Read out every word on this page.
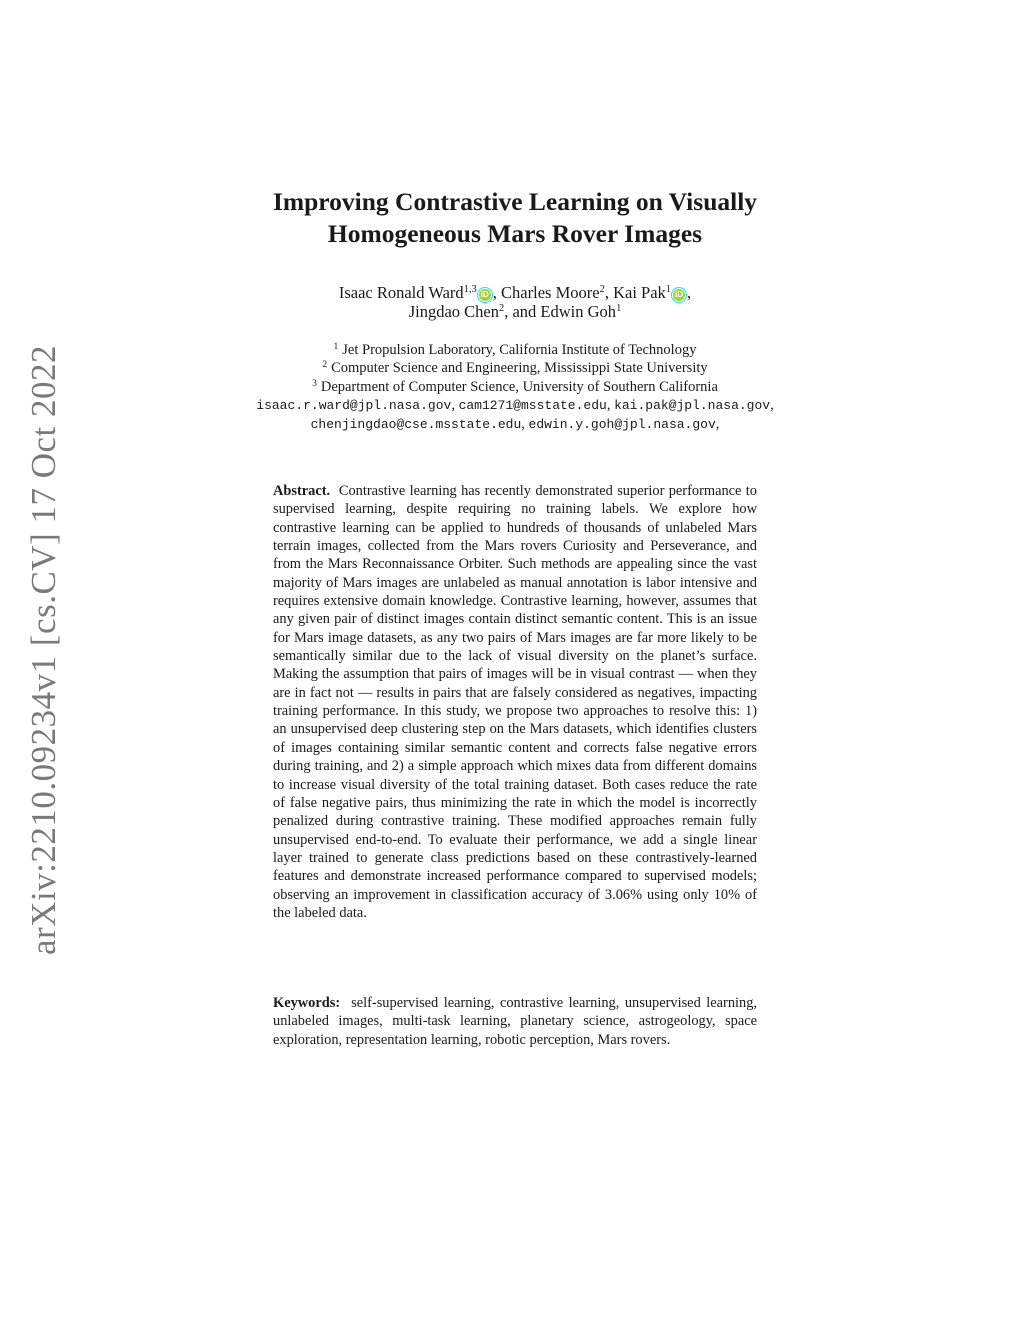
arXiv:2210.09234v1 [cs.CV] 17 Oct 2022
Improving Contrastive Learning on Visually
Homogeneous Mars Rover Images
Isaac Ronald Ward$^{1,3}$ iD , Charles Moore$^2$, Kai Pak$^1$ iD ,
Jingdao Chen$^2$, and Edwin Goh$^1$
$^1$ Jet Propulsion Laboratory, California Institute of Technology
$^2$ Computer Science and Engineering, Mississippi State University
$^3$ Department of Computer Science, University of Southern California
isaac.r.ward@jpl.nasa.gov, cam1271@msstate.edu, kai.pak@jpl.nasa.gov,
chenjingdao@cse.msstate.edu, edwin.y.goh@jpl.nasa.gov,
Abstract. Contrastive learning has recently demonstrated superior performance to supervised learning, despite requiring no training labels. We explore how contrastive learning can be applied to hundreds of thousands of unlabeled Mars terrain images, collected from the Mars rovers Curiosity and Perseverance, and from the Mars Reconnaissance Orbiter. Such methods are appealing since the vast majority of Mars images are unlabeled as manual annotation is labor intensive and requires extensive domain knowledge. Contrastive learning, however, assumes that any given pair of distinct images contain distinct semantic content. This is an issue for Mars image datasets, as any two pairs of Mars images are far more likely to be semantically similar due to the lack of visual diversity on the planet’s surface. Making the assumption that pairs of images will be in visual contrast — when they are in fact not — results in pairs that are falsely considered as negatives, impacting training performance. In this study, we propose two approaches to resolve this: 1) an unsupervised deep clustering step on the Mars datasets, which identifies clusters of images containing similar semantic content and corrects false negative errors during training, and 2) a simple approach which mixes data from different domains to increase visual diversity of the total training dataset. Both cases reduce the rate of false negative pairs, thus minimizing the rate in which the model is incorrectly penalized during contrastive training. These modified approaches remain fully unsupervised end-to-end. To evaluate their performance, we add a single linear layer trained to generate class predictions based on these contrastively-learned features and demonstrate increased performance compared to supervised models; observing an improvement in classification accuracy of 3.06% using only 10% of the labeled data.
Keywords: self-supervised learning, contrastive learning, unsupervised learning, unlabeled images, multi-task learning, planetary science, astrogeology, space exploration, representation learning, robotic perception, Mars rovers.
